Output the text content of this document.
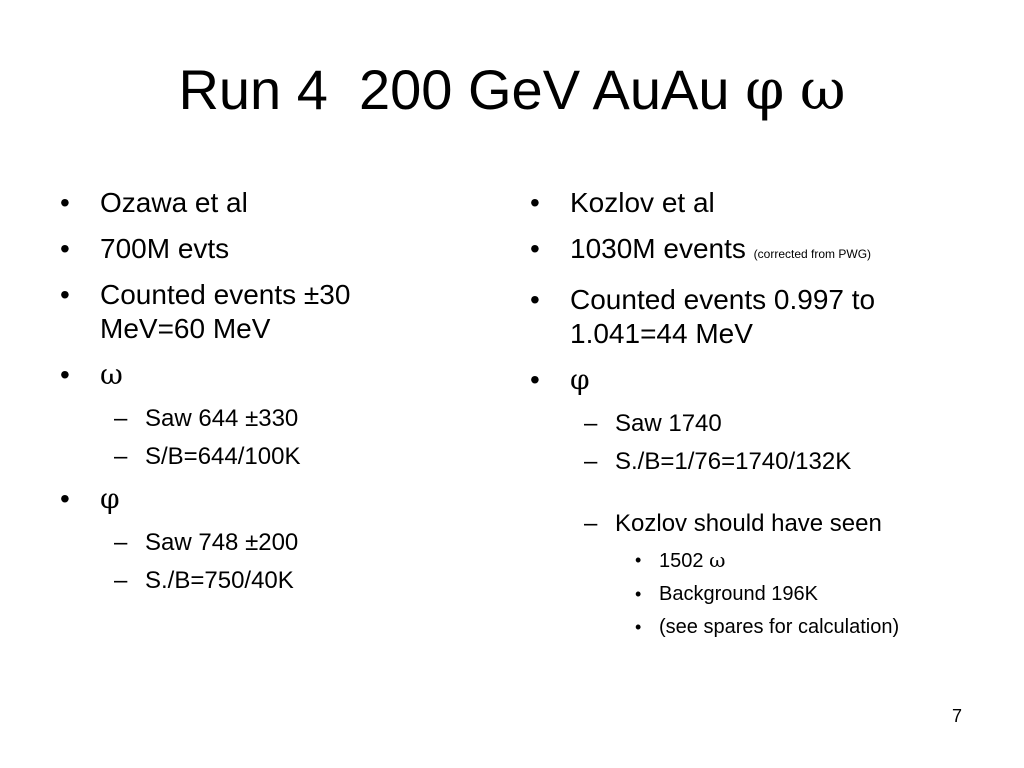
Run 4  200 GeV AuAu φ ω
• Ozawa et al
• 700M evts
• Counted events ±30 MeV=60 MeV
• ω
– Saw 644 ±330
– S/B=644/100K
• φ
– Saw 748 ±200
– S./B=750/40K
• Kozlov et al
• 1030M events (corrected from PWG)
• Counted events 0.997 to 1.041=44 MeV
• φ
– Saw 1740
– S./B=1/76=1740/132K
– Kozlov should have seen
• 1502 ω
• Background 196K
• (see spares for calculation)
7
